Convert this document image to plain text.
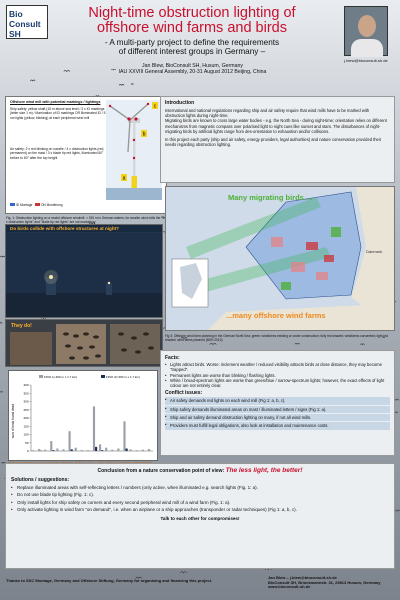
Bio
Consult
SH
Night-time obstruction lighting of
offshore wind farms and birds
- A multi-party project to define the requirements
of different interest groups in Germany –
Jan Blew, BioConsult SH, Husum, Germany
IAU XXVIII General Assembly, 20-31 August 2012 Beijing, China
j.blew@bioconsult-sh.de
Offshore wind mill with potential markings / lightings
Ship safety: yellow shaft (15 m above sea level / 3 x IO markings (letter size 1 m) / illumination of ID markings OR illuminated ID / 5 nm lights (yellow, blinking) at each peripheral wind mill
Air safety: 2 x red blinking on nacelle / 4 x obstruction lights (red, permanent) on the mast / 3 x blade tip red lights, illuminated 60° before to 60° after the top height
c
b
a
ID Montage	ON Montierung
Fig. 1: Obstruction lighting on a model offshore windmill: > 150 m in German waters; for smaller wind mills the "4 x obstruction lights" and "blade tip red lights" are not mandatory
Introduction
International and national regulations regarding ship and air safety require that wind mills have to be marked with obstruction lights during night-time.
Migrating birds are known to cross large water bodies - e.g. the North Sea - during night-time; orientation relies on different mechanisms from magnetic compass over polarised light to night cues like sunset and stars. The disturbances of night-migrating birds by artificial lights range from des-orientation to exhaustion and/or collisions.
In this project each party (ship and air safety, energy providers, legal authorities) and nature conservation provided their needs regarding obstruction lighting.
Many migrating birds ...
...many offshore wind farms
Danmark
Fig 3: Offshore wind farm planning in the German North Sea; green: windfarms existing or under construction; fully red shaded: windfarms consented; light red shaded: wind farms planned (BSH 2012).
Do birds collide with offshore structures at night?
They do!
0
50
100
150
200
250
300
350
400
FINO 1(-360 m x 1.7 km)	FINO 3(>360 m x 1.7 km)
sum of birds found dead
Facts:
• Lights attract birds. Worse: inclement weather / reduced visibility attracts birds at close distance, they may become "trapped".
• Permanent lights are worse than blinking / flashing lights.
• White / broad-spectrum lights are worse than green/blue / narrow-spectrum lights; however, the exact effects of light colour are not entirely clear.
Conflict issues:
• Air safety demands red lights on each wind mill (Fig 1: a, b, c).
• Ship safety demands illuminated areas on mast / illuminated letters / signs (Fig 1: a).
• Ship and air safety demand obstruction lighting on many, if not all wind mills.
• Providers must fulfill legal obligations, also look at installation and maintenance costs.
Conclusion from a nature conservation point of view: The less light, the better!
Solutions / suggestions:
• Replace illuminated areas with self-reflecting letters / numbers (only active, when illuminated e.g. search lights (Fig. 1: a).
• Do not use blade tip lighting (Fig. 1: c).
• Only install lights for ship safety on corners and every second peripheral wind mill of a wind farm (Fig. 1: a).
• Only activate lighting in wind farm "on demand", i.e. when an airplane or a ship approaches (transponder or radar techniques) (Fig 1: a, b, c).
Talk to each other for compromises!
Thanks to SSC Montage, Germany and Offshore Stiftung, Germany for organising and financing this project.
Jan Blew – j.blew@bioconsult-sh.de
BioConsult SH, Brinckmannstr. 31, 25813 Husum, Germany
www.bioconsult-sh.de
